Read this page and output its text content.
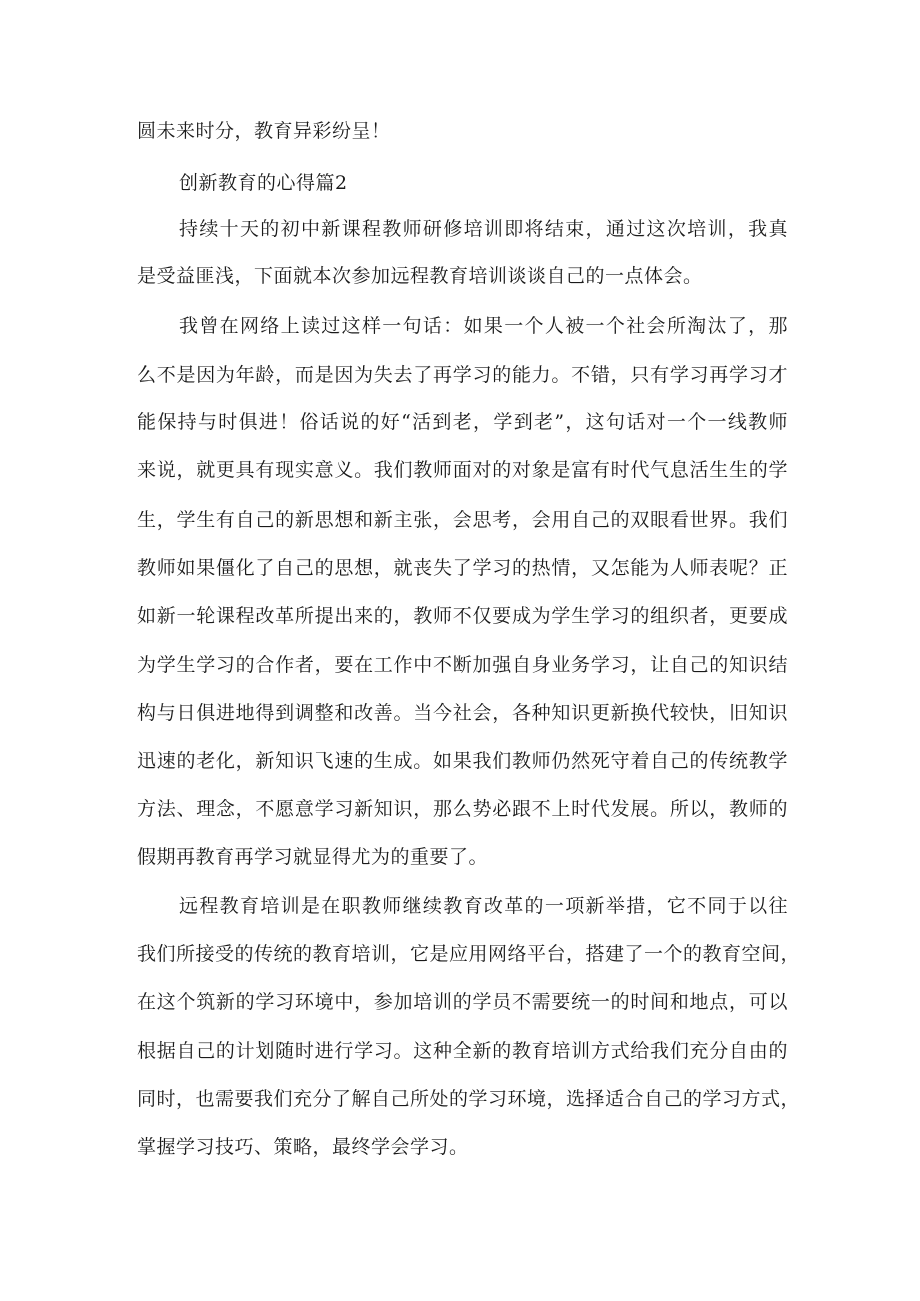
圆未来时分，教育异彩纷呈！

创新教育的心得篇2

持续十天的初中新课程教师研修培训即将结束，通过这次培训，我真

是受益匪浅，下面就本次参加远程教育培训谈谈自己的一点体会。

我曾在网络上读过这样一句话：如果一个人被一个社会所淘汰了，那

么不是因为年龄，而是因为失去了再学习的能力。不错，只有学习再学习才

能保持与时俱进！俗话说的好“活到老，学到老”，这句话对一个一线教师

来说，就更具有现实意义。我们教师面对的对象是富有时代气息活生生的学

生，学生有自己的新思想和新主张，会思考，会用自己的双眼看世界。我们

教师如果僵化了自己的思想，就丧失了学习的热情，又怎能为人师表呢？正

如新一轮课程改革所提出来的，教师不仅要成为学生学习的组织者，更要成

为学生学习的合作者，要在工作中不断加强自身业务学习，让自己的知识结

构与日俱进地得到调整和改善。当今社会，各种知识更新换代较快，旧知识

迅速的老化，新知识飞速的生成。如果我们教师仍然死守着自己的传统教学

方法、理念，不愿意学习新知识，那么势必跟不上时代发展。所以，教师的

假期再教育再学习就显得尤为的重要了。

远程教育培训是在职教师继续教育改革的一项新举措，它不同于以往

我们所接受的传统的教育培训，它是应用网络平台，搭建了一个的教育空间，

在这个筑新的学习环境中，参加培训的学员不需要统一的时间和地点，可以

根据自己的计划随时进行学习。这种全新的教育培训方式给我们充分自由的

同时，也需要我们充分了解自己所处的学习环境，选择适合自己的学习方式，

掌握学习技巧、策略，最终学会学习。
